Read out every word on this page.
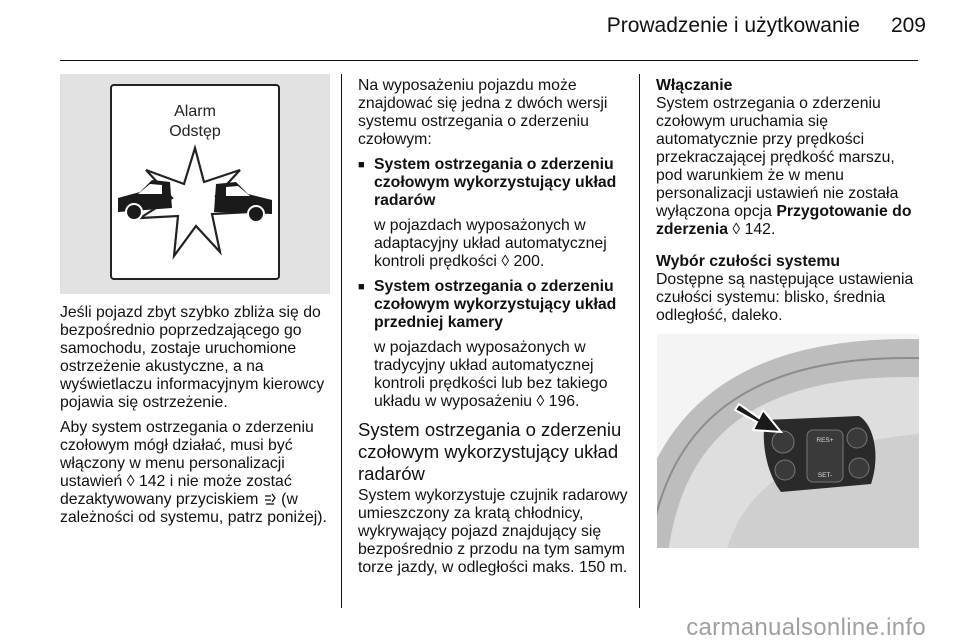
Prowadzenie i użytkowanie	209
Alarm
Odstęp

Jeśli pojazd zbyt szybko zbliża się do bezpośrednio poprzedzającego go samochodu, zostaje uruchomione ostrzeżenie akustyczne, a na wyświetlaczu informacyjnym kierowcy pojawia się ostrzeżenie.

Aby system ostrzegania o zderzeniu czołowym mógł działać, musi być włączony w menu personalizacji ustawień ◊ 142 i nie może zostać dezaktywowany przyciskiem  (w zależności od systemu, patrz poniżej).

Na wyposażeniu pojazdu może znajdować się jedna z dwóch wersji systemu ostrzegania o zderzeniu czołowym:

■ System ostrzegania o zderzeniu czołowym wykorzystujący układ radarów
w pojazdach wyposażonych w adaptacyjny układ automatycznej kontroli prędkości ◊ 200.
■ System ostrzegania o zderzeniu czołowym wykorzystujący układ przedniej kamery
w pojazdach wyposażonych w tradycyjny układ automatycznej kontroli prędkości lub bez takiego układu w wyposażeniu ◊ 196.
System ostrzegania o zderzeniu czołowym wykorzystujący układ radarów

System wykorzystuje czujnik radarowy umieszczony za kratą chłodnicy, wykrywający pojazd znajdujący się bezpośrednio z przodu na tym samym torze jazdy, w odległości maks. 150 m.

Włączanie

System ostrzegania o zderzeniu czołowym uruchamia się automatycznie przy prędkości przekraczającej prędkość marszu, pod warunkiem że w menu personalizacji ustawień nie została wyłączona opcja Przygotowanie do zderzenia ◊ 142.

Wybór czułości systemu

Dostępne są następujące ustawienia czułości systemu: blisko, średnia odległość, daleko.

RES+
SET-
carmanualsonline.info
